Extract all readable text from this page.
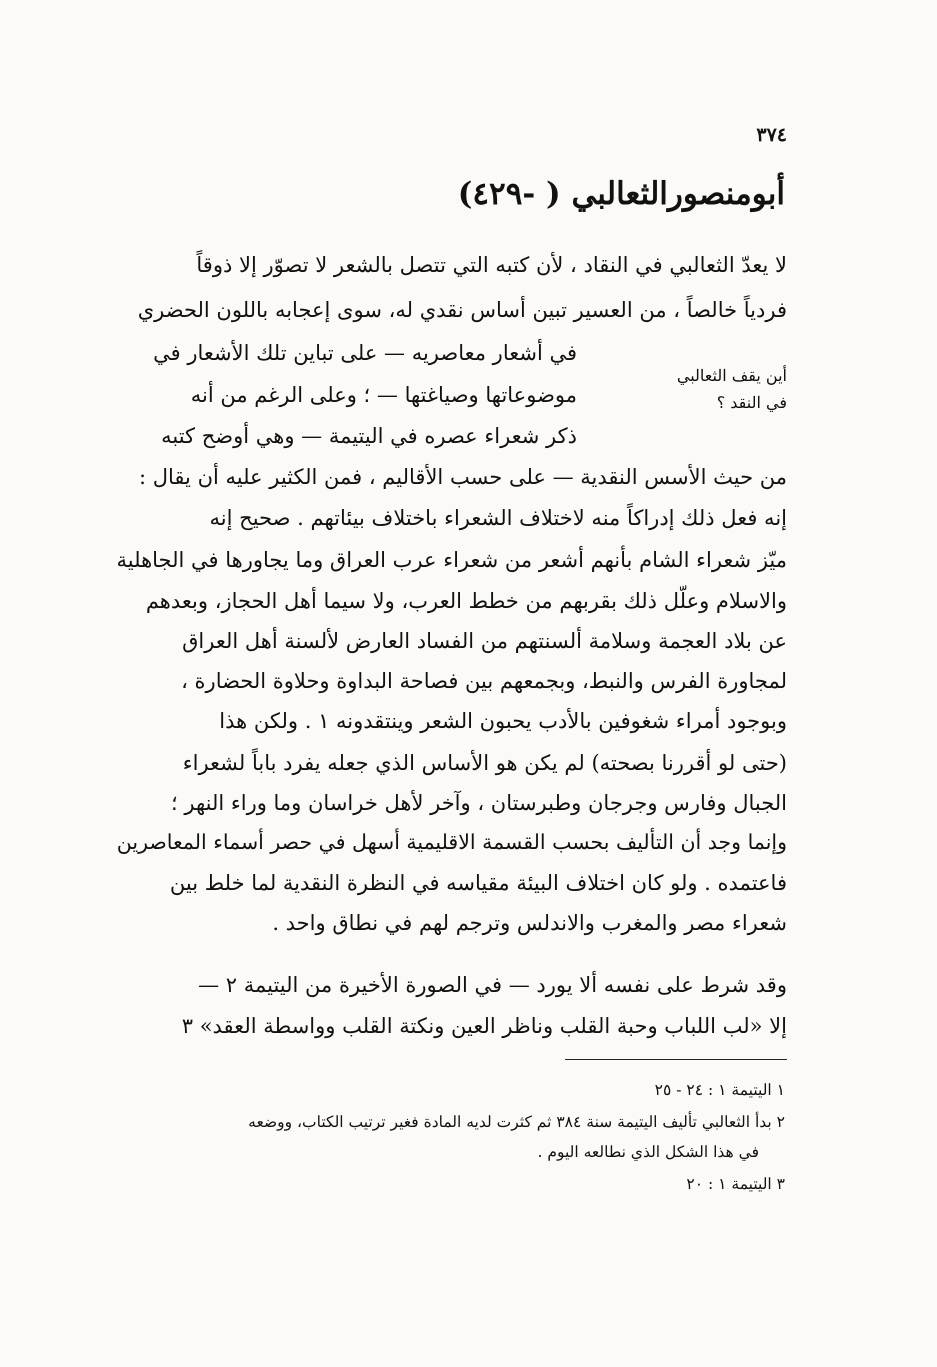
٣٧٤
أبومنصورالثعالبي ( -٤٢٩)
لا يعدّ الثعالبي في النقاد ، لأن كتبه التي تتصل بالشعر لا تصوّر إلا ذوقاً
فردياً خالصاً ، من العسير تبين أساس نقدي له، سوى إعجابه باللون الحضري
في أشعار معاصريه — على تباين تلك الأشعار في
موضوعاتها وصياغتها — ؛ وعلى الرغم من أنه
ذكر شعراء عصره في اليتيمة — وهي أوضح كتبه
أين يقف الثعالبي
في النقد ؟
من حيث الأسس النقدية — على حسب الأقاليم ، فمن الكثير عليه أن يقال :
إنه فعل ذلك إدراكاً منه لاختلاف الشعراء باختلاف بيئاتهم . صحيح إنه
ميّز شعراء الشام بأنهم أشعر من شعراء عرب العراق وما يجاورها في الجاهلية
والاسلام وعلّل ذلك بقربهم من خطط العرب، ولا سيما أهل الحجاز، وبعدهم
عن بلاد العجمة وسلامة ألسنتهم من الفساد العارض لألسنة أهل العراق
لمجاورة الفرس والنبط، وبجمعهم بين فصاحة البداوة وحلاوة الحضارة ،
وبوجود أمراء شغوفين بالأدب يحبون الشعر وينتقدونه ١ . ولكن هذا
(حتى لو أقررنا بصحته) لم يكن هو الأساس الذي جعله يفرد باباً لشعراء
الجبال وفارس وجرجان وطبرستان ، وآخر لأهل خراسان وما وراء النهر ؛
وإنما وجد أن التأليف بحسب القسمة الاقليمية أسهل في حصر أسماء المعاصرين
فاعتمده . ولو كان اختلاف البيئة مقياسه في النظرة النقدية لما خلط بين
شعراء مصر والمغرب والاندلس وترجم لهم في نطاق واحد .
وقد شرط على نفسه ألا يورد — في الصورة الأخيرة من اليتيمة ٢ —
إلا «لب اللباب وحبة القلب وناظر العين ونكتة القلب وواسطة العقد» ٣
١ اليتيمة ١ : ٢٤ - ٢٥
٢ بدأ الثعالبي تأليف اليتيمة سنة ٣٨٤ ثم كثرت لديه المادة فغير ترتيب الكتاب، ووضعه
في هذا الشكل الذي نطالعه اليوم .
٣ اليتيمة ١ : ٢٠
